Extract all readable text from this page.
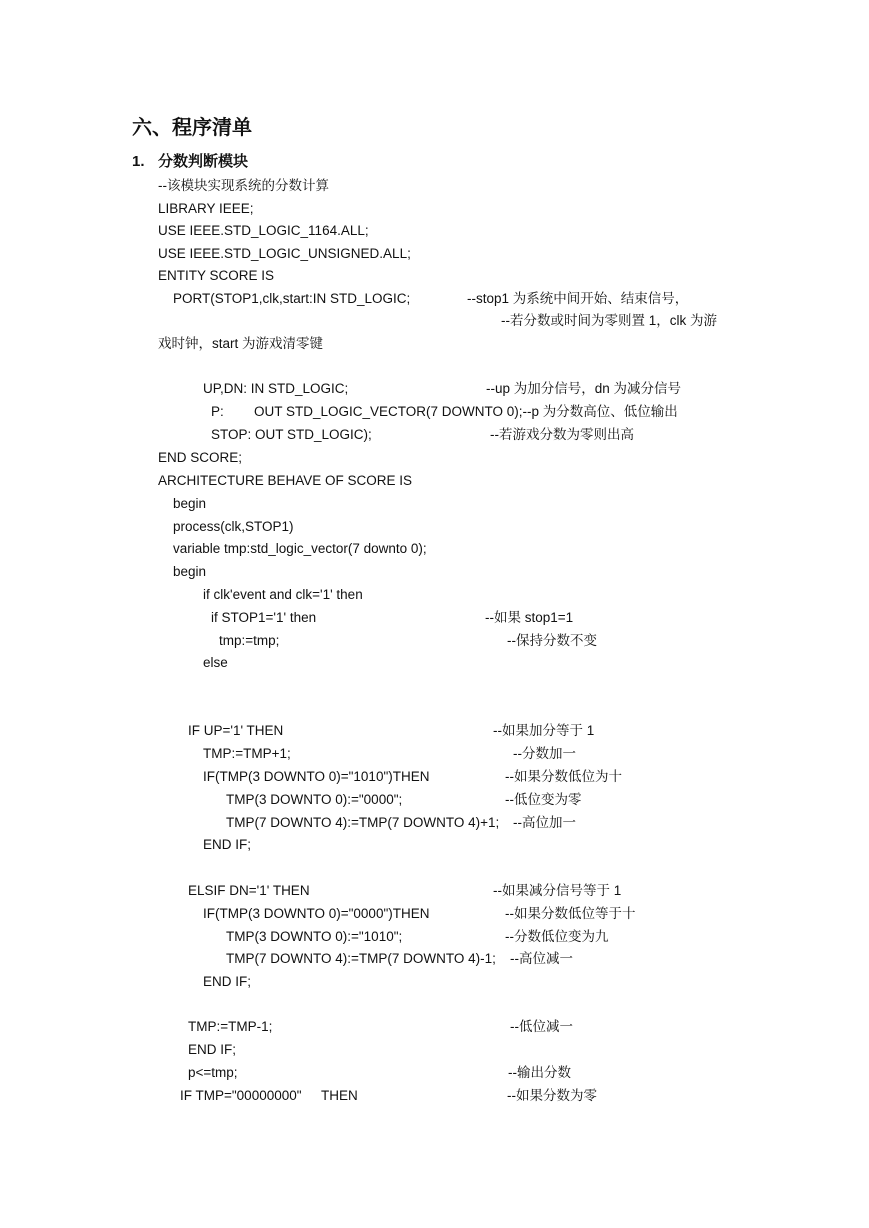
六、程序清单
1. 分数判断模块
--该模块实现系统的分数计算
LIBRARY IEEE;
USE IEEE.STD_LOGIC_1164.ALL;
USE IEEE.STD_LOGIC_UNSIGNED.ALL;
ENTITY SCORE IS
PORT(STOP1,clk,start:IN STD_LOGIC;	--stop1 为系统中间开始、结束信号，
--若分数或时间为零则置 1，clk 为游
戏时钟，start 为游戏清零键
UP,DN: IN STD_LOGIC;	--up 为加分信号，dn 为减分信号
P: OUT STD_LOGIC_VECTOR(7 DOWNTO 0);--p 为分数高位、低位输出
STOP: OUT STD_LOGIC);	--若游戏分数为零则出高
END SCORE;
ARCHITECTURE BEHAVE OF SCORE IS
begin
process(clk,STOP1)
variable tmp:std_logic_vector(7 downto 0);
begin
if clk'event and clk='1' then
if STOP1='1' then	--如果 stop1=1
tmp:=tmp;	--保持分数不变
else
IF UP='1' THEN	--如果加分等于 1
TMP:=TMP+1;	--分数加一
IF(TMP(3 DOWNTO 0)="1010")THEN	--如果分数低位为十
TMP(3 DOWNTO 0):="0000";	--低位变为零
TMP(7 DOWNTO 4):=TMP(7 DOWNTO 4)+1; --高位加一
END IF;
ELSIF DN='1' THEN	--如果减分信号等于 1
IF(TMP(3 DOWNTO 0)="0000")THEN	--如果分数低位等于十
TMP(3 DOWNTO 0):="1010";	--分数低位变为九
TMP(7 DOWNTO 4):=TMP(7 DOWNTO 4)-1; --高位减一
END IF;
TMP:=TMP-1;	--低位减一
END IF;
p<=tmp;	--输出分数
IF TMP="00000000" THEN	--如果分数为零
